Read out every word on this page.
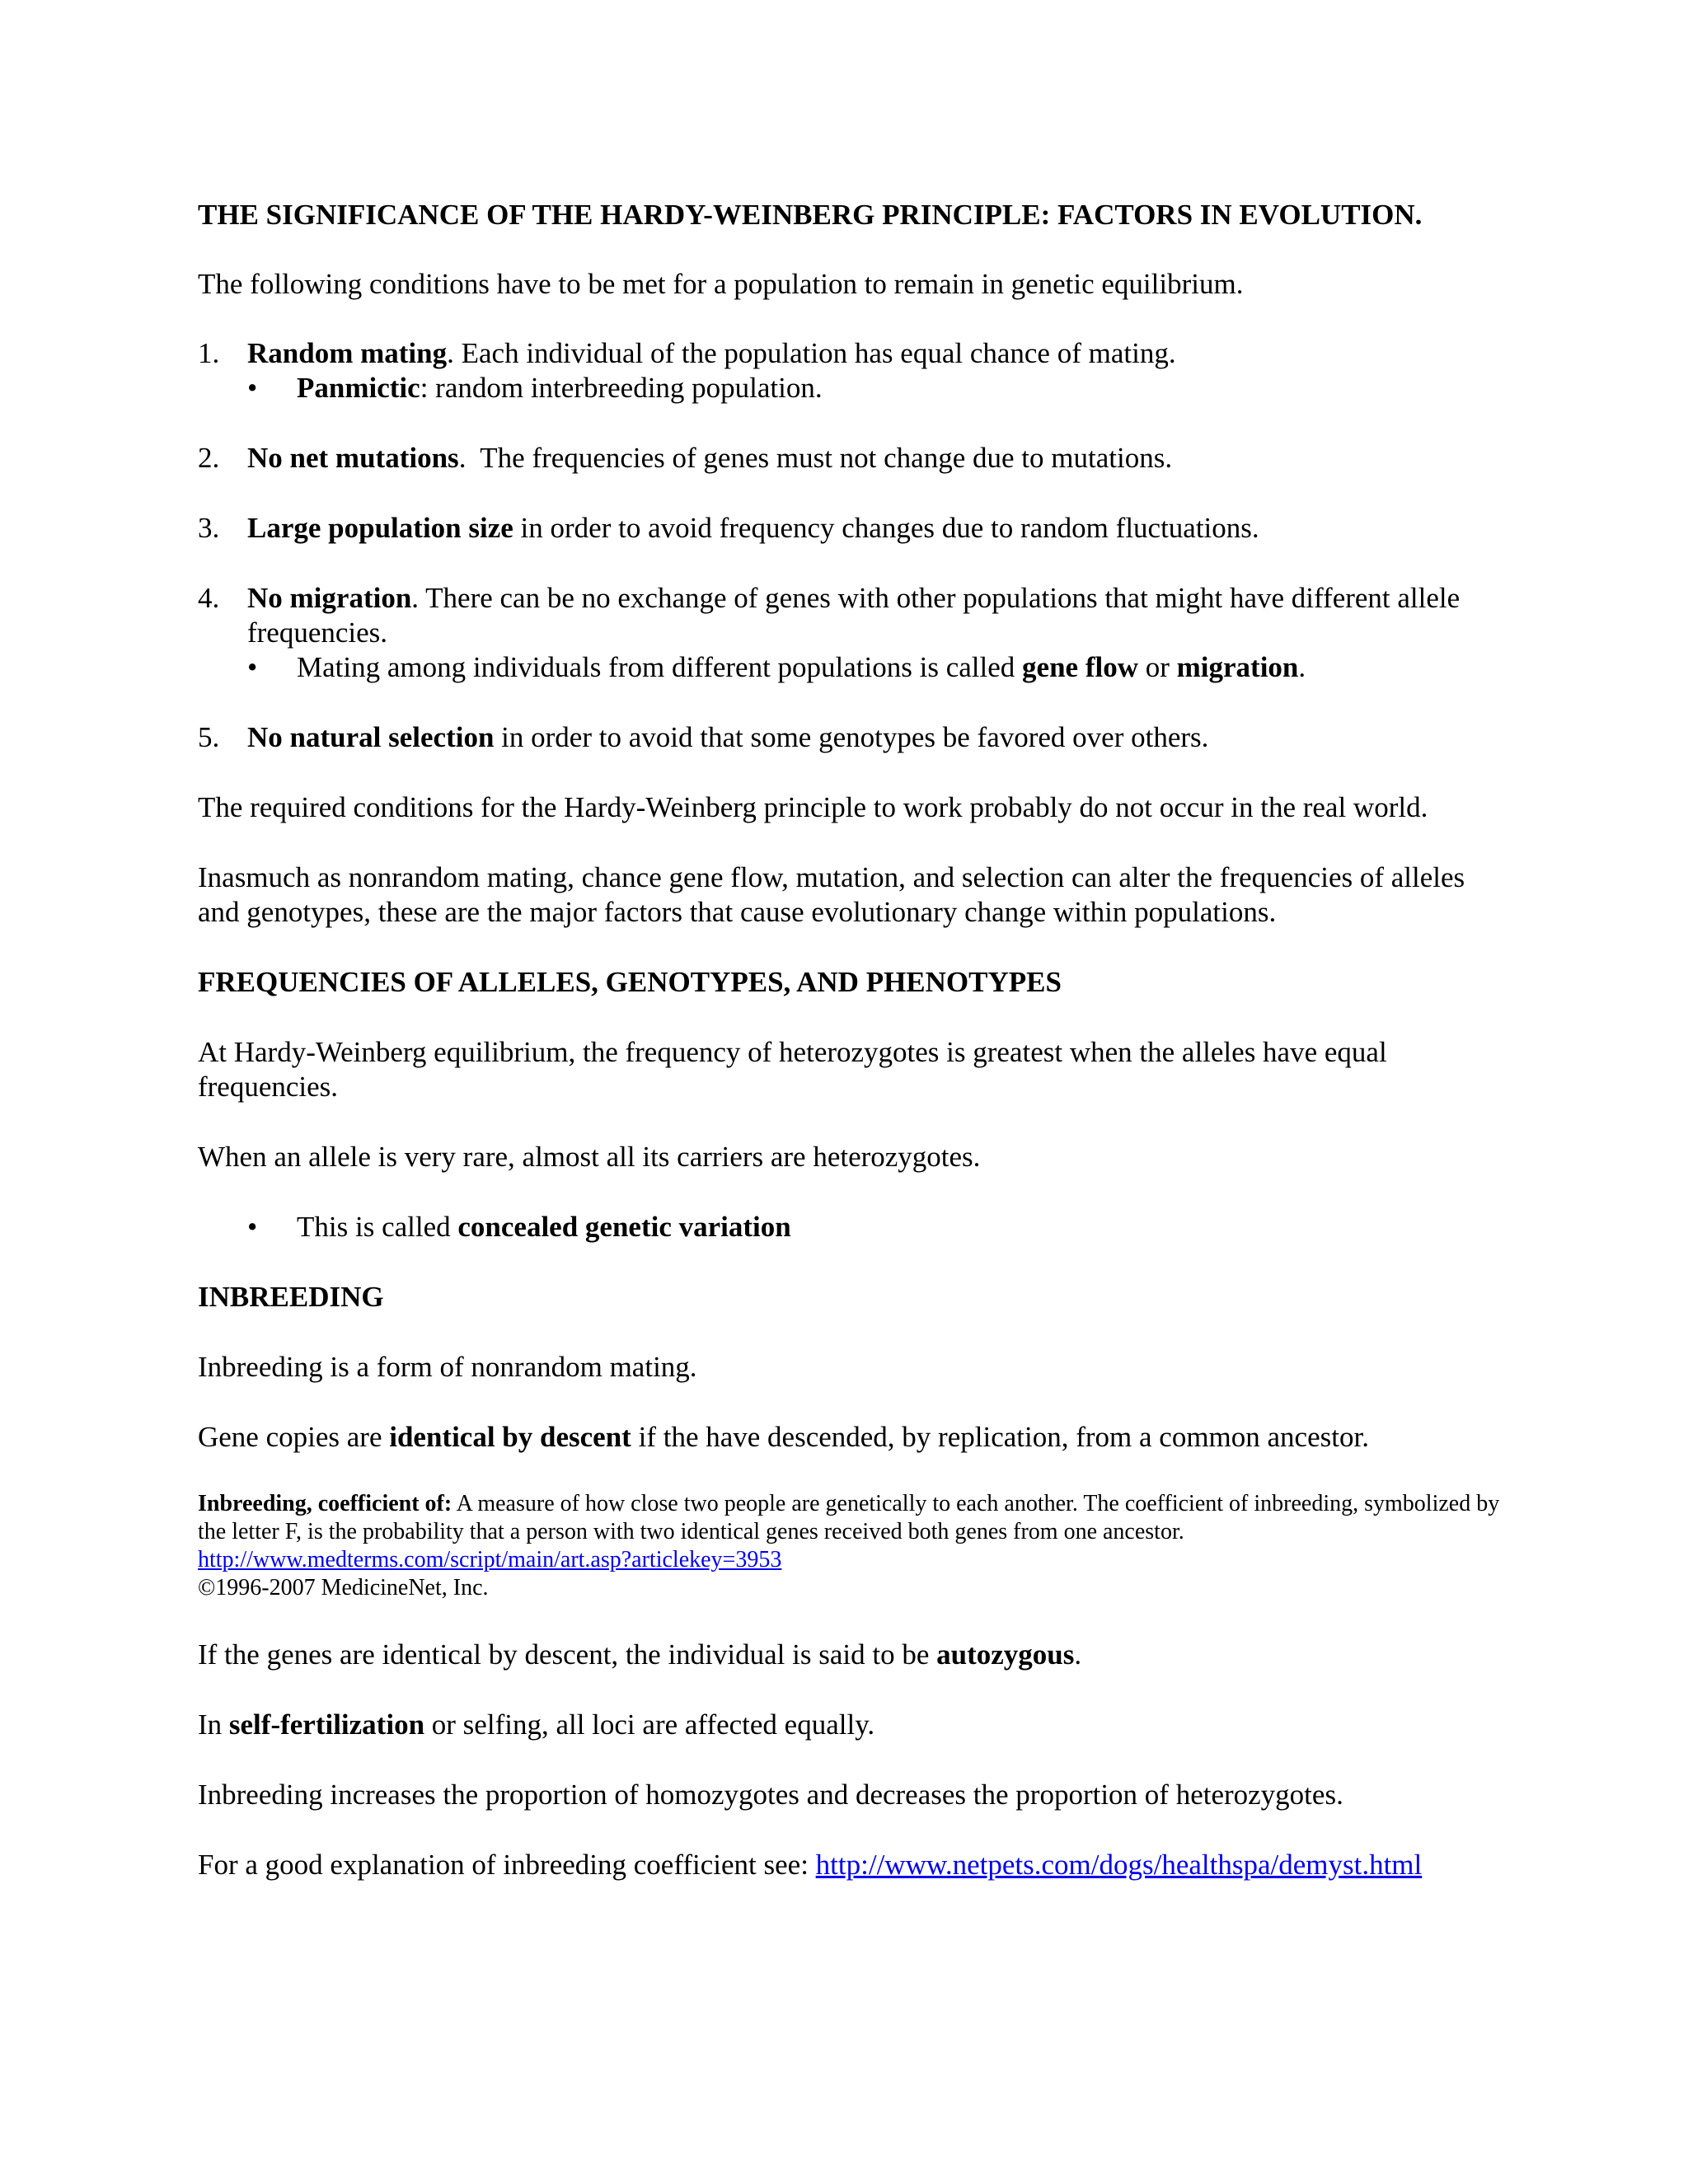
THE SIGNIFICANCE OF THE HARDY-WEINBERG PRINCIPLE: FACTORS IN EVOLUTION.

The following conditions have to be met for a population to remain in genetic equilibrium.

1. Random mating. Each individual of the population has equal chance of mating.
•	Panmictic: random interbreeding population.
2. No net mutations.  The frequencies of genes must not change due to mutations.
3. Large population size in order to avoid frequency changes due to random fluctuations.
4. No migration. There can be no exchange of genes with other populations that might have different allele frequencies.
•	Mating among individuals from different populations is called gene flow or migration.
5. No natural selection in order to avoid that some genotypes be favored over others.

The required conditions for the Hardy-Weinberg principle to work probably do not occur in the real world.

Inasmuch as nonrandom mating, chance gene flow, mutation, and selection can alter the frequencies of alleles and genotypes, these are the major factors that cause evolutionary change within populations.

FREQUENCIES OF ALLELES, GENOTYPES, AND PHENOTYPES

At Hardy-Weinberg equilibrium, the frequency of heterozygotes is greatest when the alleles have equal frequencies.

When an allele is very rare, almost all its carriers are heterozygotes.

•	This is called concealed genetic variation

INBREEDING

Inbreeding is a form of nonrandom mating.

Gene copies are identical by descent if the have descended, by replication, from a common ancestor.

Inbreeding, coefficient of: A measure of how close two people are genetically to each another. The coefficient of inbreeding, symbolized by the letter F, is the probability that a person with two identical genes received both genes from one ancestor.

http://www.medterms.com/script/main/art.asp?articlekey=3953

©1996-2007 MedicineNet, Inc.

If the genes are identical by descent, the individual is said to be autozygous.

In self-fertilization or selfing, all loci are affected equally.

Inbreeding increases the proportion of homozygotes and decreases the proportion of heterozygotes.

For a good explanation of inbreeding coefficient see: http://www.netpets.com/dogs/healthspa/demyst.html
